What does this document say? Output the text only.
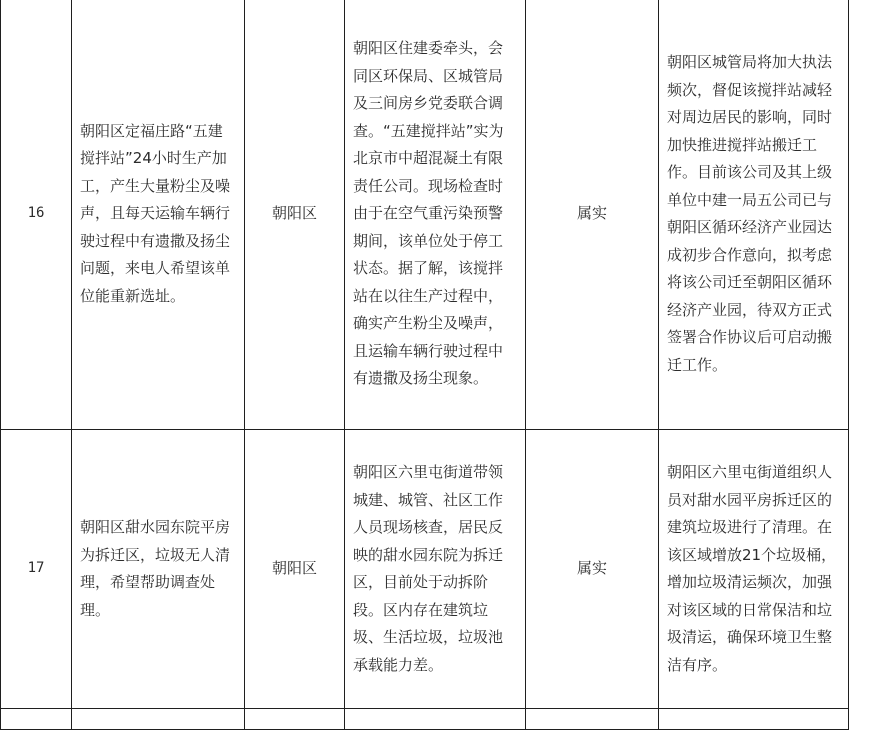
16	朝阳区定福庄路“五建搅拌站”24小时生产加工，产生大量粉尘及噪声，且每天运输车辆行驶过程中有遗撒及扬尘问题，来电人希望该单位能重新选址。	朝阳区	朝阳区住建委牵头，会同区环保局、区城管局及三间房乡党委联合调查。“五建搅拌站”实为北京市中超混凝土有限责任公司。现场检查时由于在空气重污染预警期间，该单位处于停工状态。据了解，该搅拌站在以往生产过程中，确实产生粉尘及噪声，且运输车辆行驶过程中有遗撒及扬尘现象。	属实	朝阳区城管局将加大执法频次，督促该搅拌站减轻对周边居民的影响，同时加快推进搅拌站搬迁工作。目前该公司及其上级单位中建一局五公司已与朝阳区循环经济产业园达成初步合作意向，拟考虑将该公司迁至朝阳区循环经济产业园，待双方正式签署合作协议后可启动搬迁工作。

17	朝阳区甜水园东院平房为拆迁区，垃圾无人清理，希望帮助调查处理。	朝阳区	朝阳区六里屯街道带领城建、城管、社区工作人员现场核查，居民反映的甜水园东院为拆迁区，目前处于动拆阶段。区内存在建筑垃圾、生活垃圾，垃圾池承载能力差。	属实	朝阳区六里屯街道组织人员对甜水园平房拆迁区的建筑垃圾进行了清理。在该区域增放21个垃圾桶，增加垃圾清运频次，加强对该区域的日常保洁和垃圾清运，确保环境卫生整洁有序。
